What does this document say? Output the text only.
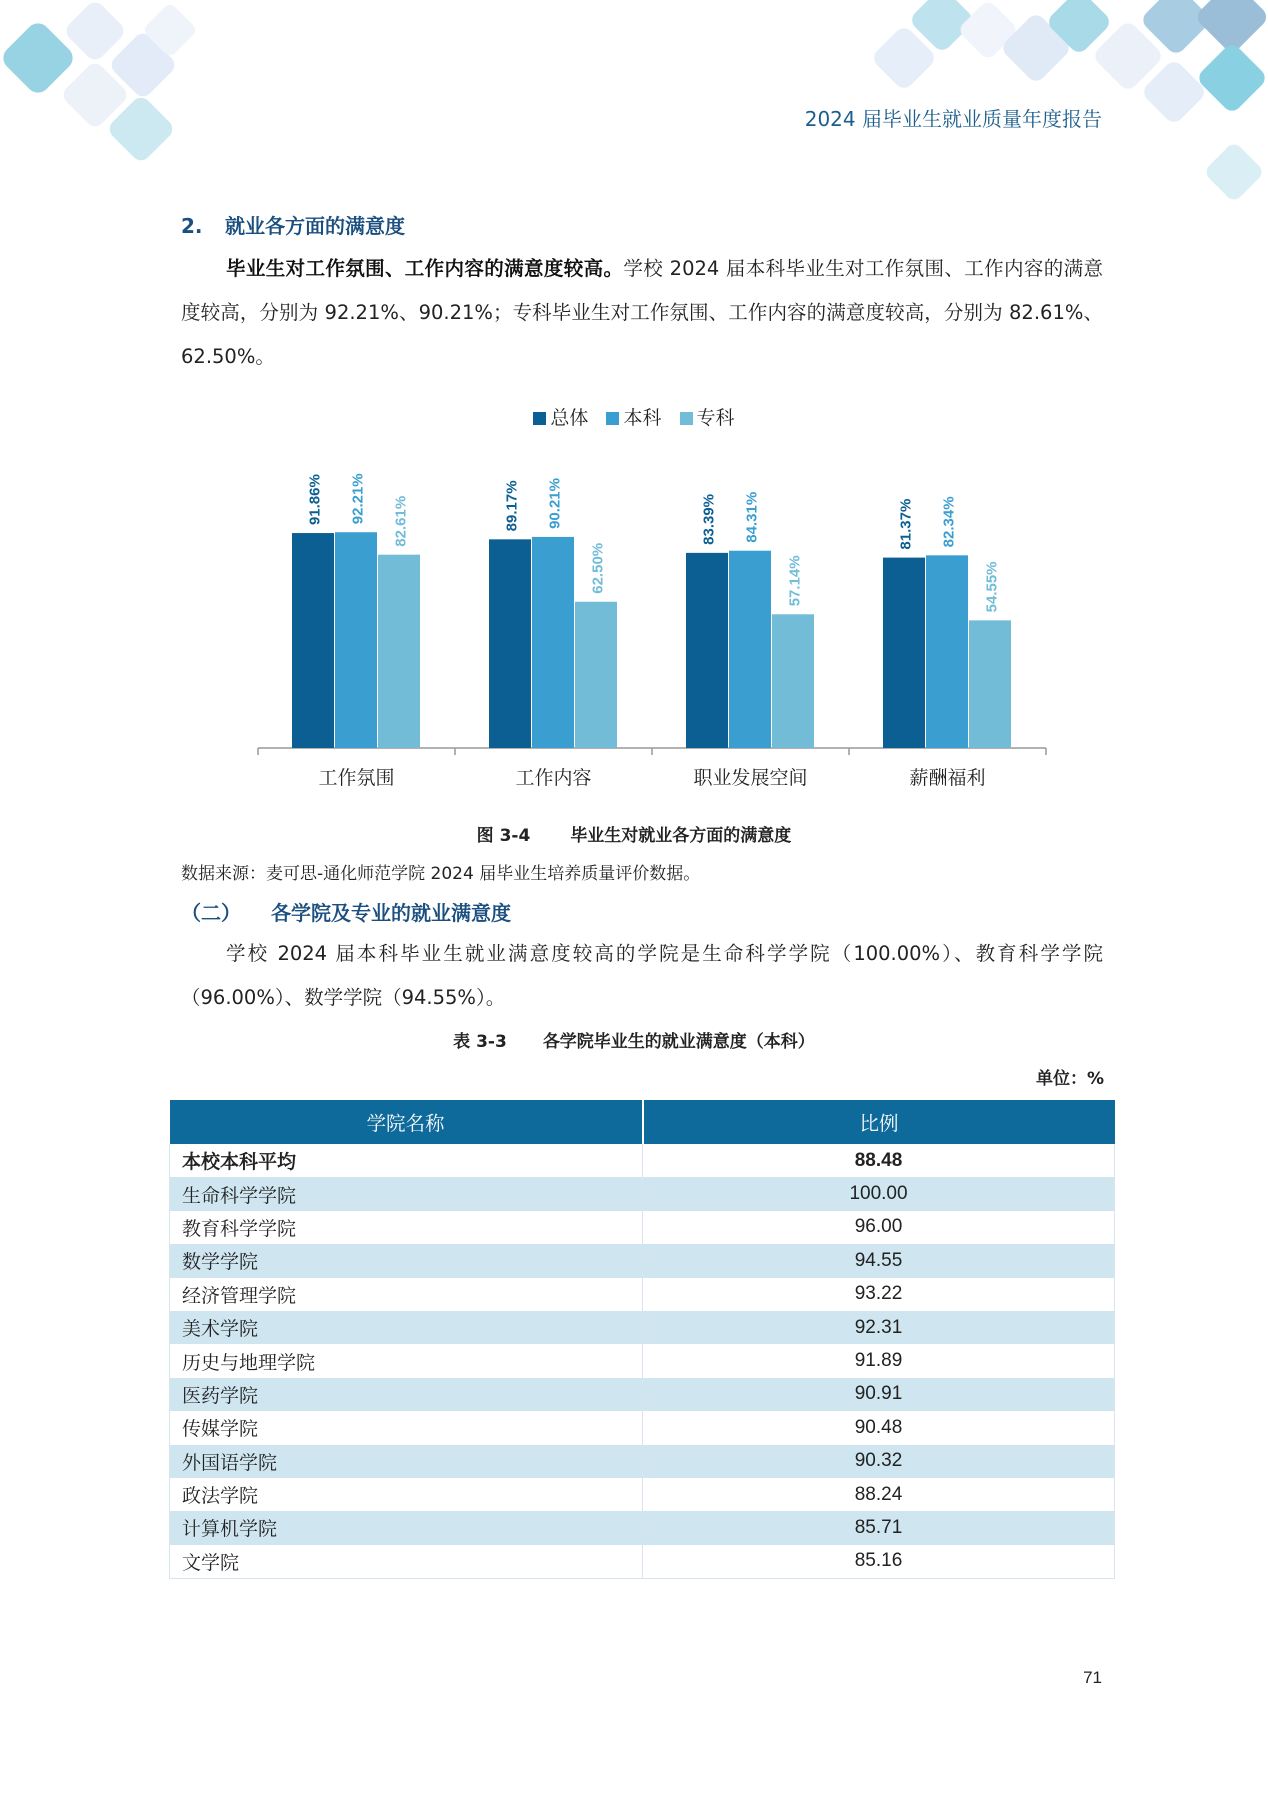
2024 届毕业生就业质量年度报告
2. 就业各方面的满意度
毕业生对工作氛围、工作内容的满意度较高。学校 2024 届本科毕业生对工作氛围、工作内容的满意度较高，分别为 92.21%、90.21%；专科毕业生对工作氛围、工作内容的满意度较高，分别为 82.61%、62.50%。
总体 本科 专科
91.86% 92.21% 82.61%
工作氛围
89.17% 90.21%
62.50%
工作内容
83.39% 84.31%
57.14%
职业发展空间
81.37% 82.34%
54.55%
薪酬福利
图 3-4 毕业生对就业各方面的满意度
数据来源：麦可思-通化师范学院 2024 届毕业生培养质量评价数据。
（二） 各学院及专业的就业满意度
学校 2024 届本科毕业生就业满意度较高的学院是生命科学学院（100.00%）、教育科学学院（96.00%）、数学学院（94.55%）。
表 3-3 各学院毕业生的就业满意度（本科）
单位：%
学院名称	比例
本校本科平均	88.48
生命科学学院	100.00
教育科学学院	96.00
数学学院	94.55
经济管理学院	93.22
美术学院	92.31
历史与地理学院	91.89
医药学院	90.91
传媒学院	90.48
外国语学院	90.32
政法学院	88.24
计算机学院	85.71
文学院	85.16
71
